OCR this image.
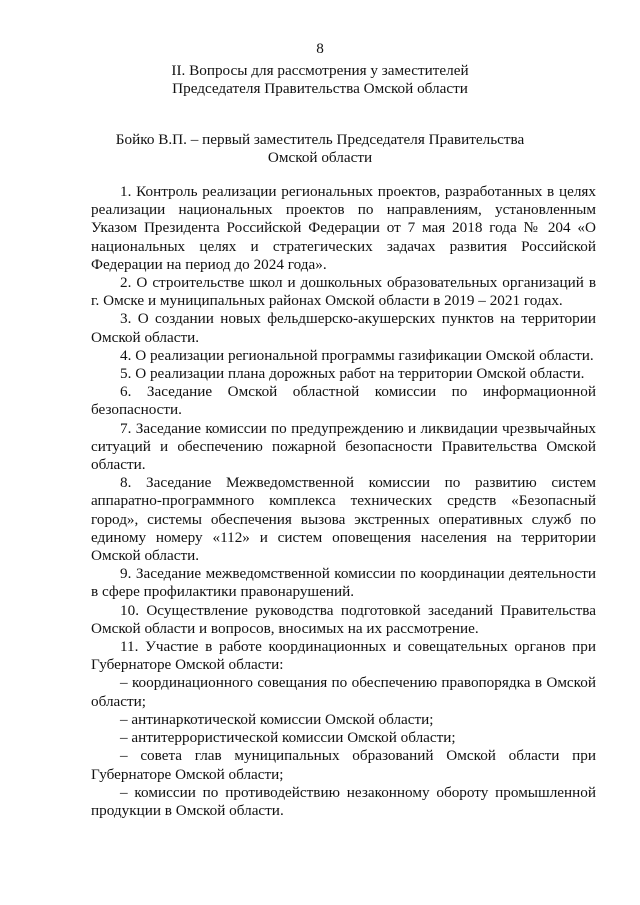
8
II. Вопросы для рассмотрения у заместителей
Председателя Правительства Омской области
Бойко В.П. – первый заместитель Председателя Правительства
Омской области

1. Контроль реализации региональных проектов, разработанных в целях реализации национальных проектов по направлениям, установленным Указом Президента Российской Федерации от 7 мая 2018 года № 204 «О национальных целях и стратегических задачах развития Российской Федерации на период до 2024 года».

2. О строительстве школ и дошкольных образовательных организаций в г. Омске и муниципальных районах Омской области в 2019 – 2021 годах.

3. О создании новых фельдшерско-акушерских пунктов на территории Омской области.

4. О реализации региональной программы газификации Омской области.

5. О реализации плана дорожных работ на территории Омской области.

6. Заседание Омской областной комиссии по информационной безопасности.

7. Заседание комиссии по предупреждению и ликвидации чрезвычайных ситуаций и обеспечению пожарной безопасности Правительства Омской области.

8. Заседание Межведомственной комиссии по развитию систем аппаратно-программного комплекса технических средств «Безопасный город», системы обеспечения вызова экстренных оперативных служб по единому номеру «112» и систем оповещения населения на территории Омской области.

9. Заседание межведомственной комиссии по координации деятельности в сфере профилактики правонарушений.

10. Осуществление руководства подготовкой заседаний Правительства Омской области и вопросов, вносимых на их рассмотрение.

11. Участие в работе координационных и совещательных органов при Губернаторе Омской области:

– координационного совещания по обеспечению правопорядка в Омской области;

– антинаркотической комиссии Омской области;

– антитеррористической комиссии Омской области;

– совета глав муниципальных образований Омской области при Губернаторе Омской области;

– комиссии по противодействию незаконному обороту промышленной продукции в Омской области.
